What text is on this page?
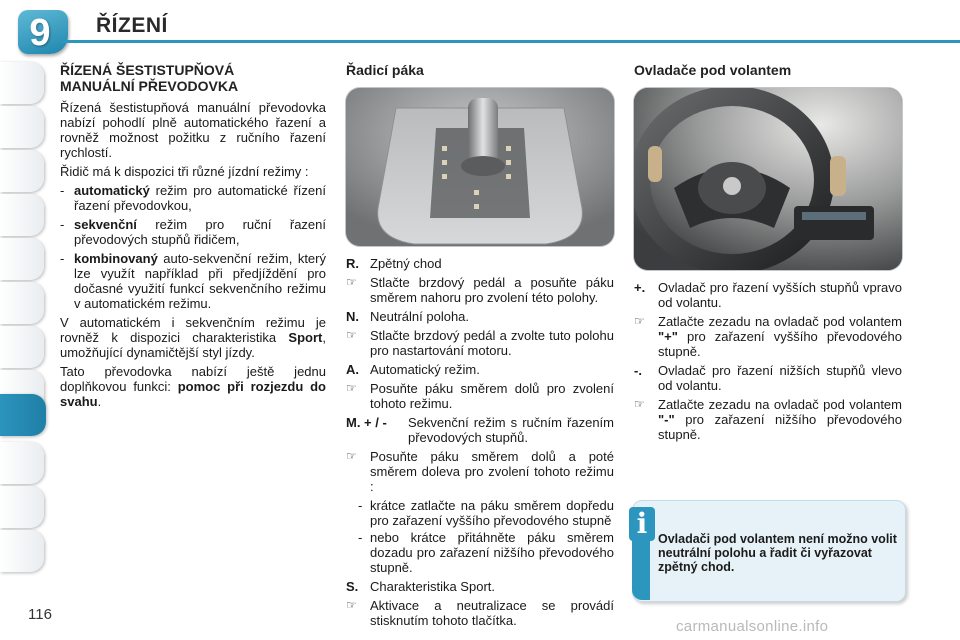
9	ŘÍZENÍ
ŘÍZENÁ ŠESTISTUPŇOVÁ
MANUÁLNÍ PŘEVODOVKA

Řízená šestistupňová manuální převodovka nabízí pohodlí plně automatického řazení a rovněž možnost požitku z ručního řazení rychlostí.

Řidič má k dispozici tři různé jízdní režimy :

- automatický režim pro automatické řízení řazení převodovkou,
- sekvenční režim pro ruční řazení převodových stupňů řidičem,
- kombinovaný auto-sekvenční režim, který lze využít například při předjíždění pro dočasné využití funkcí sekvenčního režimu v automatickém režimu.

V automatickém i sekvenčním režimu je rovněž k dispozici charakteristika Sport, umožňující dynamičtější styl jízdy.

Tato převodovka nabízí ještě jednu doplňkovou funkci: pomoc při rozjezdu do svahu.

Řadicí páka
R. Zpětný chod
☞	Stlačte brzdový pedál a posuňte páku směrem nahoru pro zvolení této polohy.
N. Neutrální poloha.
☞	Stlačte brzdový pedál a zvolte tuto polohu pro nastartování motoru.
A. Automatický režim.
☞	Posuňte páku směrem dolů pro zvolení tohoto režimu.
M. + / -	Sekvenční režim s ručním řazením převodových stupňů.
☞	Posuňte páku směrem dolů a poté směrem doleva pro zvolení tohoto režimu :
- krátce zatlačte na páku směrem dopředu pro zařazení vyššího převodového stupně
- nebo krátce přitáhněte páku směrem dozadu pro zařazení nižšího převodového stupně.
S. Charakteristika Sport.
☞	Aktivace a neutralizace se provádí stisknutím tohoto tlačítka.
Ovladače pod volantem
+. Ovladač pro řazení vyšších stupňů vpravo od volantu.
☞	Zatlačte zezadu na ovladač pod volantem "+" pro zařazení vyššího převodového stupně.
-.	Ovladač pro řazení nižších stupňů vlevo od volantu.
☞	Zatlačte zezadu na ovladač pod volantem "-" pro zařazení nižšího převodového stupně.
i Ovladači pod volantem není možno volit neutrální polohu a řadit či vyřazovat zpětný chod.
116
carmanualsonline.info
